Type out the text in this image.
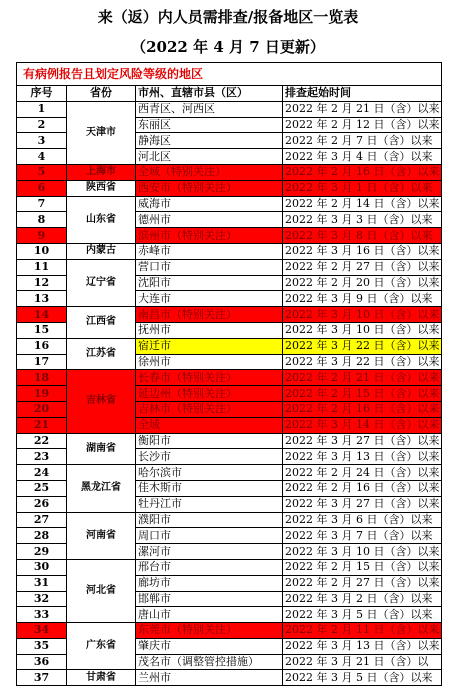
来（返）内人员需排查/报备地区一览表
（2022 年 4 月 7 日更新）
有病例报告且划定风险等级的地区			
序号	省份	市州、直辖市县（区）	排查起始时间
1	天津市	西青区、河西区	2022 年 2 月 21 日（含）以来
2		东丽区	2022 年 2 月 12 日（含）以来
3		静海区	2022 年 2 月 7 日（含）以来
4		河北区	2022 年 3 月 4 日（含）以来
5	上海市	全域（特别关注）	2022 年 2 月 16 日（含）以来
6	陕西省	西安市（特别关注）	2022 年 3 月 1 日（含）以来
7	山东省	威海市	2022 年 2 月 14 日（含）以来
8		德州市	2022 年 3 月 3 日（含）以来
9		滨州市（特别关注）	2022 年 3 月 8 日（含）以来
10	内蒙古	赤峰市	2022 年 3 月 16 日（含）以来
11	辽宁省	营口市	2022 年 2 月 27 日（含）以来
12		沈阳市	2022 年 2 月 20 日（含）以来
13		大连市	2022 年 3 月 9 日（含）以来
14	江西省	南昌市（特别关注）	2022 年 3 月 10 日（含）以来
15		抚州市	2022 年 3 月 10 日（含）以来
16	江苏省	宿迁市	2022 年 3 月 22 日（含）以来
17		徐州市	2022 年 3 月 22 日（含）以来
18	吉林省	长春市（特别关注）	2022 年 2 月 21 日（含）以来
19		延边州（特别关注）	2022 年 2 月 15 日（含）以来
20		吉林市（特别关注）	2022 年 2 月 16 日（含）以来
21		全域	2022 年 3 月 14 日（含）以来
22	湖南省	衡阳市	2022 年 3 月 27 日（含）以来
23		长沙市	2022 年 3 月 13 日（含）以来
24	黑龙江省	哈尔滨市	2022 年 2 月 24 日（含）以来
25		佳木斯市	2022 年 2 月 16 日（含）以来
26		牡丹江市	2022 年 3 月 27 日（含）以来
27	河南省	濮阳市	2022 年 3 月 6 日（含）以来
28		周口市	2022 年 3 月 7 日（含）以来
29		漯河市	2022 年 3 月 10 日（含）以来
30	河北省	邢台市	2022 年 2 月 15 日（含）以来
31		廊坊市	2022 年 2 月 27 日（含）以来
32		邯郸市	2022 年 3 月 2 日（含）以来
33		唐山市	2022 年 3 月 5 日（含）以来
34	广东省	东莞市（特别关注）	2022 年 2 月 11 日（含）以来
35		肇庆市	2022 年 3 月 13 日（含）以来
36		茂名市（调整管控措施）	2022 年 3 月 21 日（含）以
37	甘肃省	兰州市	2022 年 3 月 5 日（含）以来
